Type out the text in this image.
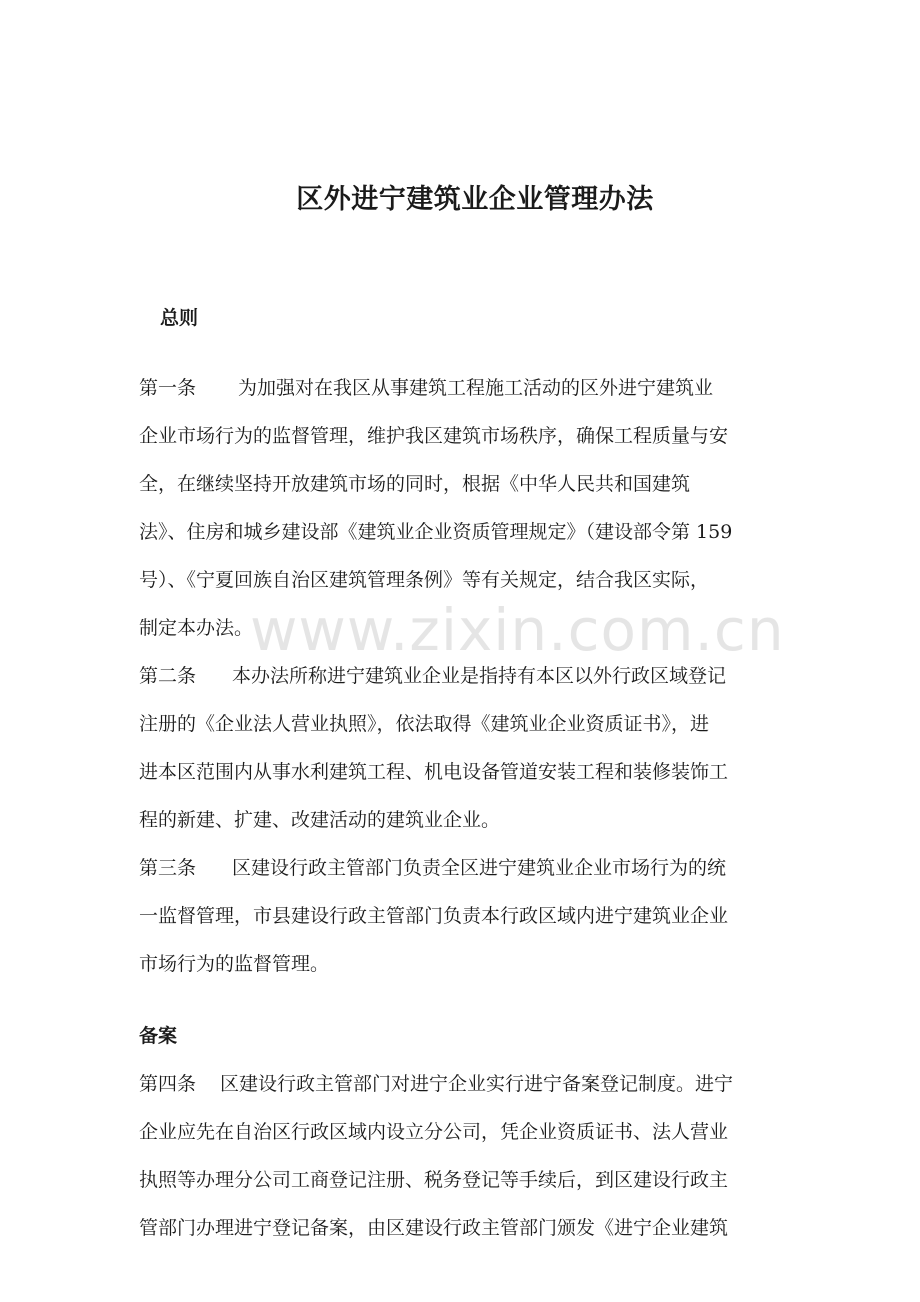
区外进宁建筑业企业管理办法
总则
第一条 为加强对在我区从事建筑工程施工活动的区外进宁建筑业
企业市场行为的监督管理，维护我区建筑市场秩序，确保工程质量与安
全，在继续坚持开放建筑市场的同时，根据《中华人民共和国建筑
法》、住房和城乡建设部《建筑业企业资质管理规定》（建设部令第 159
号）、《宁夏回族自治区建筑管理条例》等有关规定，结合我区实际，
制定本办法。
第二条 本办法所称进宁建筑业企业是指持有本区以外行政区域登记
注册的《企业法人营业执照》，依法取得《建筑业企业资质证书》，进
进本区范围内从事水利建筑工程、机电设备管道安装工程和装修装饰工
程的新建、扩建、改建活动的建筑业企业。
第三条 区建设行政主管部门负责全区进宁建筑业企业市场行为的统
一监督管理，市县建设行政主管部门负责本行政区域内进宁建筑业企业
市场行为的监督管理。
备案
第四条 区建设行政主管部门对进宁企业实行进宁备案登记制度。进宁
企业应先在自治区行政区域内设立分公司，凭企业资质证书、法人营业
执照等办理分公司工商登记注册、税务登记等手续后，到区建设行政主
管部门办理进宁登记备案，由区建设行政主管部门颁发《进宁企业建筑
www.zixin.com.cn
